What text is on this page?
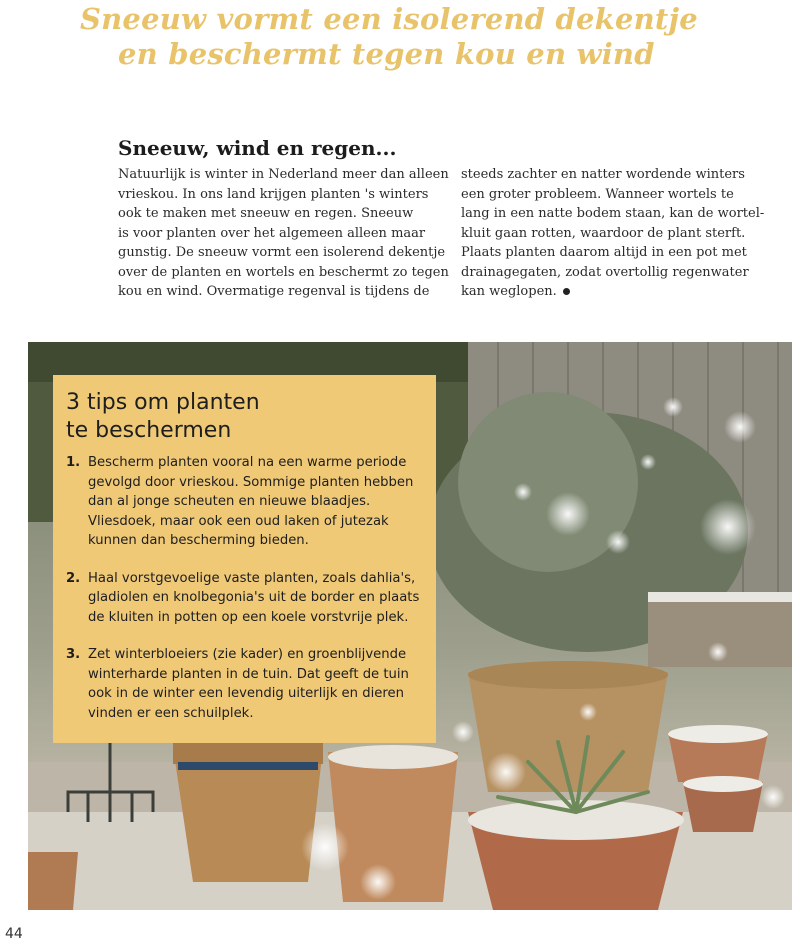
Sneeuw vormt een isolerend dekentje
en beschermt tegen kou en wind
Sneeuw, wind en regen...
Natuurlijk is winter in Nederland meer dan alleen
vrieskou. In ons land krijgen planten 's winters
ook te maken met sneeuw en regen. Sneeuw
is voor planten over het algemeen alleen maar
gunstig. De sneeuw vormt een isolerend dekentje
over de planten en wortels en beschermt zo tegen
kou en wind. Overmatige regenval is tijdens de
steeds zachter en natter wordende winters
een groter probleem. Wanneer wortels te
lang in een natte bodem staan, kan de wortel-
kluit gaan rotten, waardoor de plant sterft.
Plaats planten daarom altijd in een pot met
drainagegaten, zodat overtollig regenwater
kan weglopen.
3 tips om planten
te beschermen
1. Bescherm planten vooral na een warme periode
gevolgd door vrieskou. Sommige planten hebben
dan al jonge scheuten en nieuwe blaadjes.
Vliesdoek, maar ook een oud laken of jutezak
kunnen dan bescherming bieden.
2. Haal vorstgevoelige vaste planten, zoals dahlia's,
gladiolen en knolbegonia's uit de border en plaats
de kluiten in potten op een koele vorstvrije plek.
3. Zet winterbloeiers (zie kader) en groenblijvende
winterharde planten in de tuin. Dat geeft de tuin
ook in de winter een levendig uiterlijk en dieren
vinden er een schuilplek.
44
